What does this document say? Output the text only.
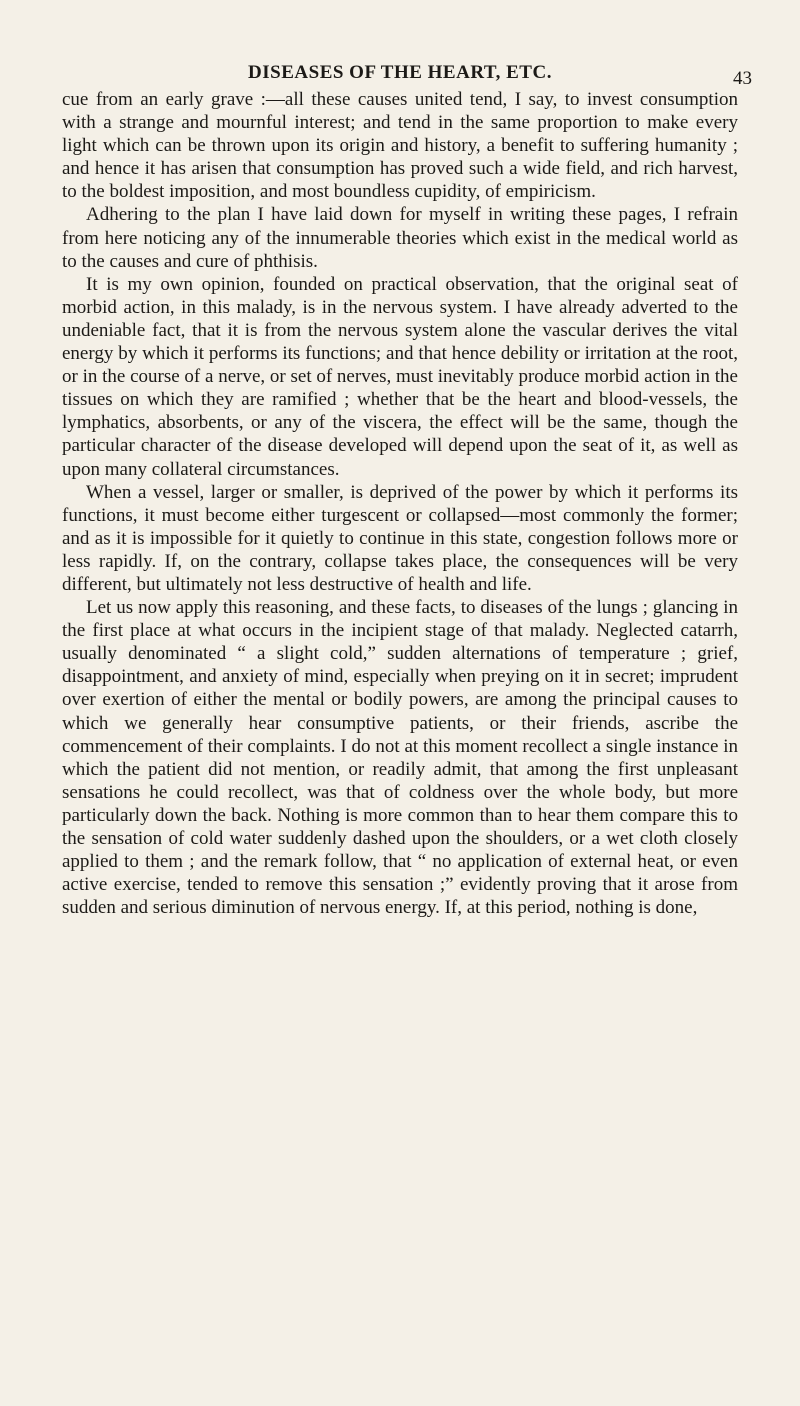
DISEASES OF THE HEART, ETC.	43

cue from an early grave :—all these causes united tend, I say, to invest consumption with a strange and mournful interest; and tend in the same proportion to make every light which can be thrown upon its origin and history, a benefit to suffering humanity ; and hence it has arisen that consumption has proved such a wide field, and rich harvest, to the boldest imposition, and most boundless cupidity, of empiricism.

Adhering to the plan I have laid down for myself in writing these pages, I refrain from here noticing any of the innumerable theories which exist in the medical world as to the causes and cure of phthisis.

It is my own opinion, founded on practical observation, that the original seat of morbid action, in this malady, is in the nervous system. I have already adverted to the undeniable fact, that it is from the nervous system alone the vascular derives the vital energy by which it performs its functions; and that hence debility or irritation at the root, or in the course of a nerve, or set of nerves, must inevitably produce morbid action in the tissues on which they are ramified ; whether that be the heart and blood-vessels, the lymphatics, absorbents, or any of the viscera, the effect will be the same, though the particular character of the disease developed will depend upon the seat of it, as well as upon many collateral circumstances.

When a vessel, larger or smaller, is deprived of the power by which it performs its functions, it must become either turgescent or collapsed—most commonly the former; and as it is impossible for it quietly to continue in this state, congestion follows more or less rapidly. If, on the contrary, collapse takes place, the consequences will be very different, but ultimately not less destructive of health and life.

Let us now apply this reasoning, and these facts, to diseases of the lungs ; glancing in the first place at what occurs in the incipient stage of that malady. Neglected catarrh, usually denominated “ a slight cold,” sudden alternations of temperature ; grief, disappointment, and anxiety of mind, especially when preying on it in secret; imprudent over exertion of either the mental or bodily powers, are among the principal causes to which we generally hear consumptive patients, or their friends, ascribe the commencement of their complaints. I do not at this moment recollect a single instance in which the patient did not mention, or readily admit, that among the first unpleasant sensations he could recollect, was that of coldness over the whole body, but more particularly down the back. Nothing is more common than to hear them compare this to the sensation of cold water suddenly dashed upon the shoulders, or a wet cloth closely applied to them ; and the remark follow, that “ no application of external heat, or even active exercise, tended to remove this sensation ;” evidently proving that it arose from sudden and serious diminution of nervous energy. If, at this period, nothing is done,
